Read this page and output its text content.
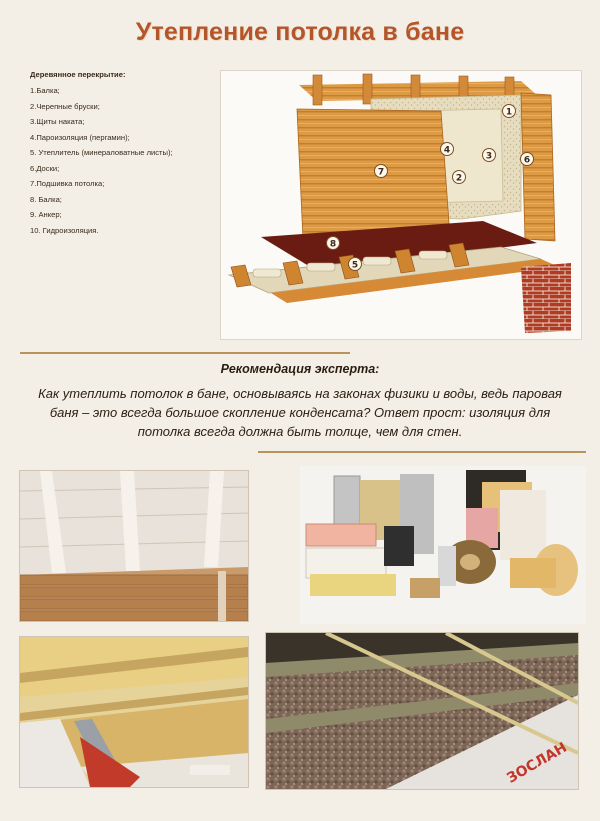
Утепление потолка в бане
Деревянное перекрытие:
1.Балка;
2.Черепные бруски;
3.Щиты наката;
4.Пароизоляция (пергамин);
5. Утеплитель (минераловатные листы);
6.Доски;
7.Подшивка потолка;
8. Балка;
9. Анкер;
10. Гидроизоляция.
1
2
3
4
5
6
7
8
Рекомендация эксперта:
Как утеплить потолок в бане, основываясь на законах физики и воды, ведь паровая баня – это всегда большое скопление конденсата? Ответ прост: изоляция для потолка всегда должна быть толще, чем для стен.
ЗОСЛАН
